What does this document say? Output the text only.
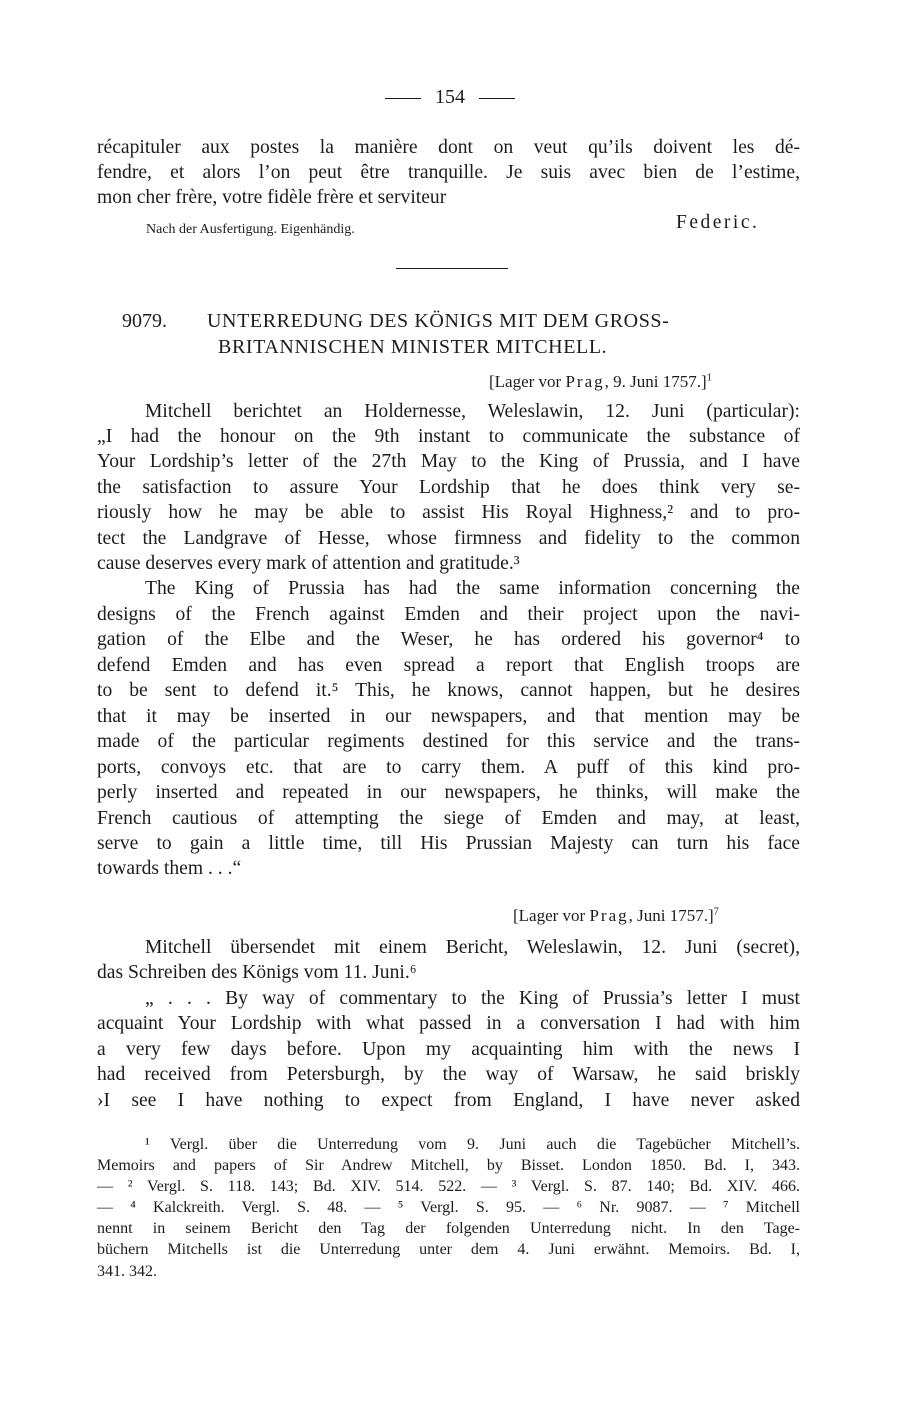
154
récapituler aux postes la manière dont on veut qu’ils doivent les dé-
fendre, et alors l’on peut être tranquille. Je suis avec bien de l’estime,
mon cher frère, votre fidèle frère et serviteur
Nach der Ausfertigung. Eigenhändig.	Federic.
9079. UNTERREDUNG DES KÖNIGS MIT DEM GROSS-
BRITANNISCHEN MINISTER MITCHELL.
[Lager vor Prag, 9. Juni 1757.]$^1$
Mitchell berichtet an Holdernesse, Weleslawin, 12. Juni (particular):
„I had the honour on the 9th instant to communicate the substance of
Your Lordship’s letter of the 27th May to the King of Prussia, and I have
the satisfaction to assure Your Lordship that he does think very se-
riously how he may be able to assist His Royal Highness,² and to pro-
tect the Landgrave of Hesse, whose firmness and fidelity to the common
cause deserves every mark of attention and gratitude.³
The King of Prussia has had the same information concerning the
designs of the French against Emden and their project upon the navi-
gation of the Elbe and the Weser, he has ordered his governor⁴ to
defend Emden and has even spread a report that English troops are
to be sent to defend it.⁵ This, he knows, cannot happen, but he desires
that it may be inserted in our newspapers, and that mention may be
made of the particular regiments destined for this service and the trans-
ports, convoys etc. that are to carry them. A puff of this kind pro-
perly inserted and repeated in our newspapers, he thinks, will make the
French cautious of attempting the siege of Emden and may, at least,
serve to gain a little time, till His Prussian Majesty can turn his face
towards them . . .“
[Lager vor Prag, Juni 1757.]$^7$
Mitchell übersendet mit einem Bericht, Weleslawin, 12. Juni (secret),
das Schreiben des Königs vom 11. Juni.⁶
„ . . . By way of commentary to the King of Prussia’s letter I must
acquaint Your Lordship with what passed in a conversation I had with him
a very few days before. Upon my acquainting him with the news I
had received from Petersburgh, by the way of Warsaw, he said briskly
›I see I have nothing to expect from England, I have never asked
¹ Vergl. über die Unterredung vom 9. Juni auch die Tagebücher Mitchell’s.
Memoirs and papers of Sir Andrew Mitchell, by Bisset. London 1850. Bd. I, 343.
— ² Vergl. S. 118. 143; Bd. XIV. 514. 522. — ³ Vergl. S. 87. 140; Bd. XIV. 466.
— ⁴ Kalckreith. Vergl. S. 48. — ⁵ Vergl. S. 95. — ⁶ Nr. 9087. — ⁷ Mitchell
nennt in seinem Bericht den Tag der folgenden Unterredung nicht. In den Tage-
büchern Mitchells ist die Unterredung unter dem 4. Juni erwähnt. Memoirs. Bd. I,
341. 342.
